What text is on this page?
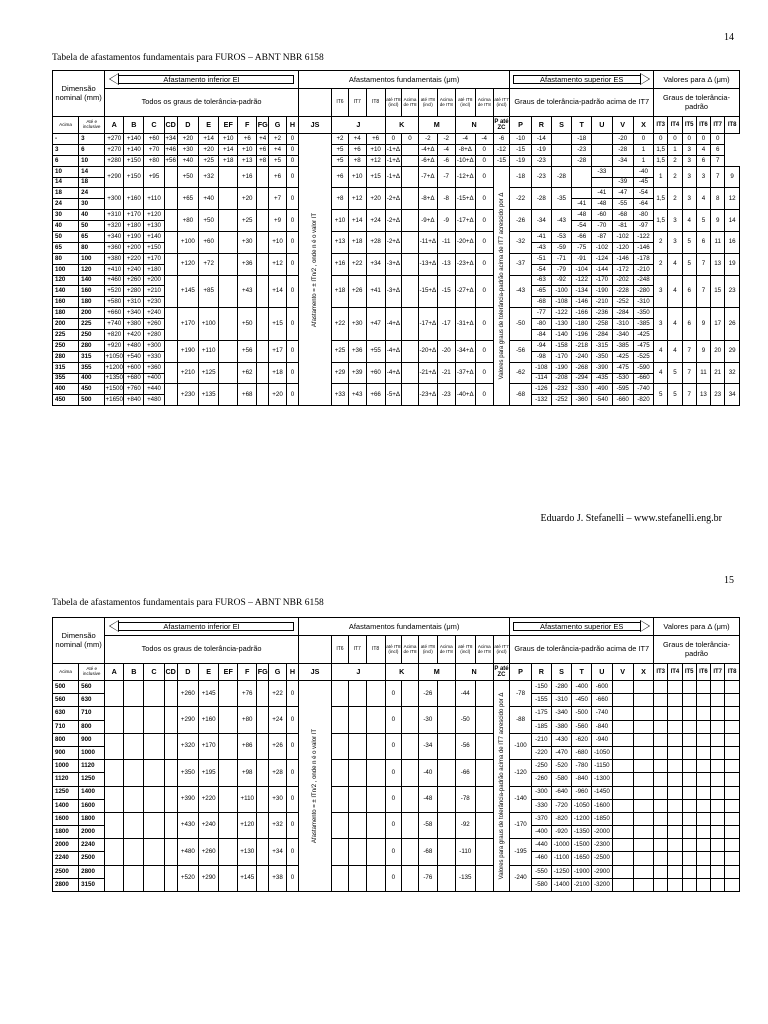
14
Tabela de afastamentos fundamentais para FUROS – ABNT NBR 6158
Dimensão nominal (mm)		Afastamento inferior EI											Afastamentos fundamentais (μm)											Afastamento superior ES							Valores para Δ (μm)					
		Todos os graus de tolerância-padrão												IT6	IT7	IT8	até IT8 (incl)	Acima de IT8	até IT8 (incl)	Acima de IT8	até IT8 (incl)	Acima de IT8	até IT7 (incl)	Graus de tolerância-padrão acima de IT7							Graus de tolerância-padrão					
Acima	Até e inclusive	A	B	C	CD	D	E	EF	F	FG	G	H	JS	J			K		M		N		P até ZC	P	R	S	T	U	V	X	IT3	IT4	IT5	IT6	IT7	IT8
-	3	+270	+140	+60	+34	+20	+14	+10	+6	+4	+2	0	Afastamento = ± ITn/2 , onde n é o valor IT	+2	+4	+6	0	0	-2	-2	-4	-4	-6	-10	-14		-18		-20	0	0	0	0	0	0	
3	6	+270	+140	+70	+46	+30	+20	+14	+10	+6	+4	0		+5	+6	+10	-1+Δ		-4+Δ	-4	-8+Δ	0	-12	-15	-19		-23		-28	1	1,5	1	3	4	6	
6	10	+280	+150	+80	+56	+40	+25	+18	+13	+8	+5	0		+5	+8	+12	-1+Δ		-6+Δ	-6	-10+Δ	0	-15	-19	-23		-28		-34	1	1,5	2	3	6	7	
10	14	+290	+150	+95		+50	+32		+16		+6	0		+6	+10	+15	-1+Δ		-7+Δ	-7	-12+Δ	0	Valores para graus de tolerância-padrão acima de IT7 acrescido por Δ	-18	-23	-28		-33		-40	1	2	3	3	7	9
14	18																												-39	-45						
18	24	+300	+160	+110		+65	+40		+20		+7	0		+8	+12	+20	-2+Δ		-8+Δ	-8	-15+Δ	0		-22	-28	-35		-41	-47	-54	1,5	2	3	4	8	12
24	30																										-41	-48	-55	-64						
30	40	+310	+170	+120		+80	+50		+25		+9	0		+10	+14	+24	-2+Δ		-9+Δ	-9	-17+Δ	0		-26	-34	-43	-48	-60	-68	-80	1,5	3	4	5	9	14
40	50	+320	+180	+130																							-54	-70	-81	-97						
50	65	+340	+190	+140		+100	+60		+30		+10	0		+13	+18	+28	-2+Δ		-11+Δ	-11	-20+Δ	0		-32	-41	-53	-66	-87	-102	-122	2	3	5	6	11	16
65	80	+360	+200	+150																					-43	-59	-75	-102	-120	-146						
80	100	+380	+220	+170		+120	+72		+36		+12	0		+16	+22	+34	-3+Δ		-13+Δ	-13	-23+Δ	0		-37	-51	-71	-91	-124	-146	-178	2	4	5	7	13	19
100	120	+410	+240	+180																					-54	-79	-104	-144	-172	-210						
120	140	+460	+260	+200		+145	+85		+43		+14	0		+18	+26	+41	-3+Δ		-15+Δ	-15	-27+Δ	0		-43	-63	-92	-122	-170	-202	-248	3	4	6	7	15	23
140	160	+520	+280	+210																					-65	-100	-134	-190	-228	-280						
160	180	+580	+310	+230																					-68	-108	-146	-210	-252	-310						
180	200	+660	+340	+240		+170	+100		+50		+15	0		+22	+30	+47	-4+Δ		-17+Δ	-17	-31+Δ	0		-50	-77	-122	-166	-236	-284	-350	3	4	6	9	17	26
200	225	+740	+380	+260																					-80	-130	-180	-258	-310	-385						
225	250	+820	+420	+280																					-84	-140	-196	-284	-340	-425						
250	280	+920	+480	+300		+190	+110		+56		+17	0		+25	+36	+55	-4+Δ		-20+Δ	-20	-34+Δ	0		-56	-94	-158	-218	-315	-385	-475	4	4	7	9	20	29
280	315	+1050	+540	+330																					-98	-170	-240	-350	-425	-525						
315	355	+1200	+600	+360		+210	+125		+62		+18	0		+29	+39	+60	-4+Δ		-21+Δ	-21	-37+Δ	0		-62	-108	-190	-268	-390	-475	-590	4	5	7	11	21	32
355	400	+1350	+680	+400																					-114	-208	-294	-435	-530	-660						
400	450	+1500	+760	+440		+230	+135		+68		+20	0		+33	+43	+66	-5+Δ		-23+Δ	-23	-40+Δ	0		-68	-126	-232	-330	-490	-595	-740	5	5	7	13	23	34
450	500	+1650	+840	+480																					-132	-252	-360	-540	-660	-820						
Eduardo J. Stefanelli – www.stefanelli.eng.br
15
Tabela de afastamentos fundamentais para FUROS – ABNT NBR 6158
Dimensão nominal (mm)		Afastamento inferior EI											Afastamentos fundamentais (μm)											Afastamento superior ES							Valores para Δ (μm)					
		Todos os graus de tolerância-padrão												IT6	IT7	IT8	até IT8 (incl)	Acima de IT8	até IT8 (incl)	Acima de IT8	até IT8 (incl)	Acima de IT8	até IT7 (incl)	Graus de tolerância-padrão acima de IT7							Graus de tolerância-padrão					
Acima	Até e inclusive	A	B	C	CD	D	E	EF	F	FG	G	H	JS	J			K		M		N		P até ZC	P	R	S	T	U	V	X	IT3	IT4	IT5	IT6	IT7	IT8
500	560					+260	+145		+76		+22	0	Afastamento = ± ITn/2 , onde n é o valor IT				0		-26		-44		Valores para graus de tolerância-padrão acima de IT7 acrescido por Δ	-78	-150	-280	-400	-600								
560	630																								-155	-310	-450	-660								
630	710					+290	+160		+80		+24	0					0		-30		-50			-88	-175	-340	-500	-740								
710	800																								-185	-380	-560	-840								
800	900					+320	+170		+86		+26	0					0		-34		-56			-100	-210	-430	-620	-940								
900	1000																								-220	-470	-680	-1050								
1000	1120					+350	+195		+98		+28	0					0		-40		-66			-120	-250	-520	-780	-1150								
1120	1250																								-260	-580	-840	-1300								
1250	1400					+390	+220		+110		+30	0					0		-48		-78			-140	-300	-640	-960	-1450								
1400	1600																								-330	-720	-1050	-1600								
1600	1800					+430	+240		+120		+32	0					0		-58		-92			-170	-370	-820	-1200	-1850								
1800	2000																								-400	-920	-1350	-2000								
2000	2240					+480	+260		+130		+34	0					0		-68		-110			-195	-440	-1000	-1500	-2300								
2240	2500																								-460	-1100	-1650	-2500								
2500	2800					+520	+290		+145		+38	0					0		-76		-135			-240	-550	-1250	-1900	-2900								
2800	3150																								-580	-1400	-2100	-3200								
